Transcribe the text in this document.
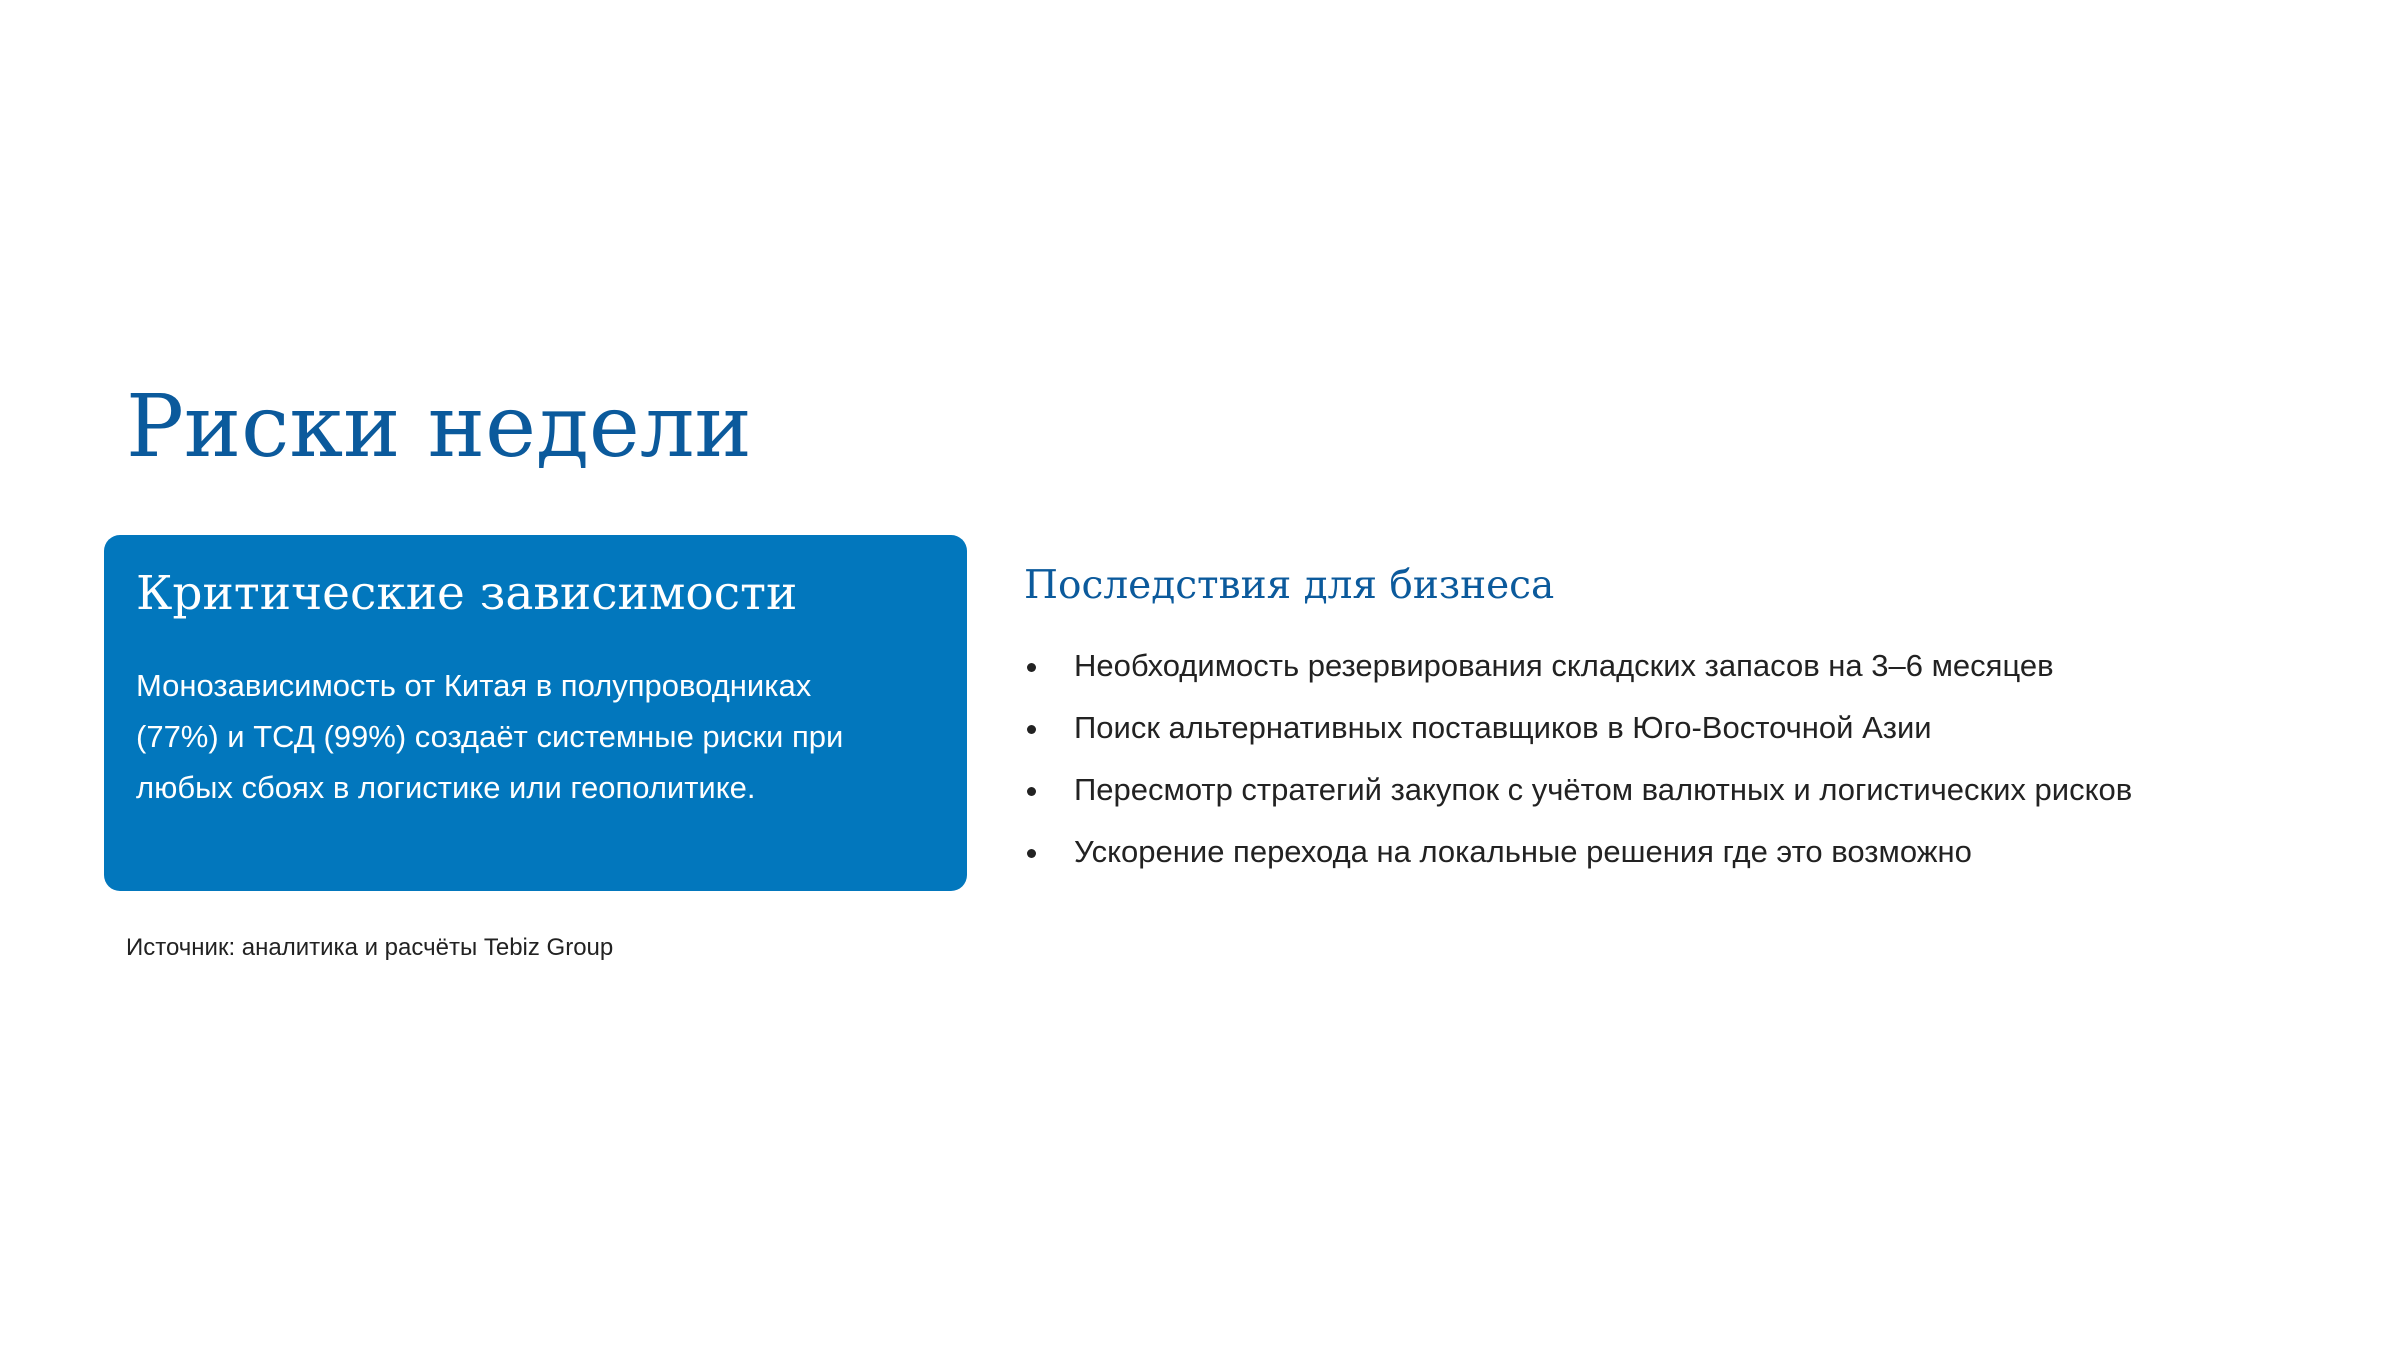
Риски недели
Критические зависимости

Монозависимость от Китая в полупроводниках (77%) и ТСД (99%) создаёт системные риски при любых сбоях в логистике или геополитике.

Источник: аналитика и расчёты Tebiz Group

Последствия для бизнеса
Необходимость резервирования складских запасов на 3–6 месяцев
Поиск альтернативных поставщиков в Юго-Восточной Азии
Пересмотр стратегий закупок с учётом валютных и логистических рисков
Ускорение перехода на локальные решения где это возможно
